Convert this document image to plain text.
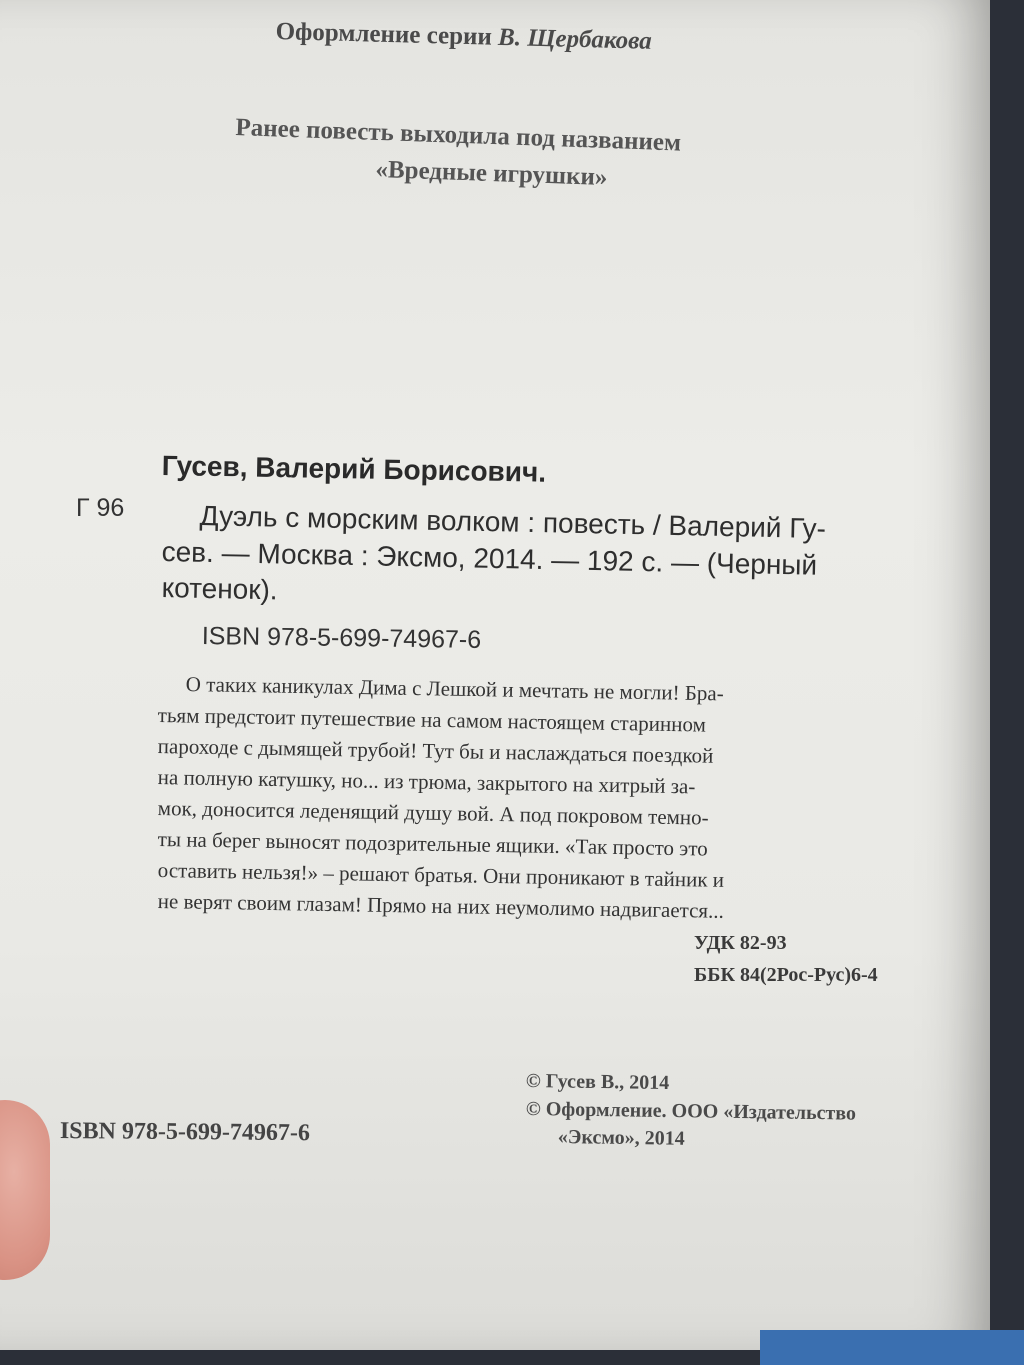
Оформление серии В. Щербакова

Ранее повесть выходила под названием

«Вредные игрушки»

Гусев, Валерий Борисович.

Г 96	Дуэль с морским волком : повесть / Валерий Гу-

сев. — Москва : Эксмо, 2014. — 192 с. — (Черный

котенок).

ISBN 978-5-699-74967-6

О таких каникулах Дима с Лешкой и мечтать не могли! Бра-

тьям предстоит путешествие на самом настоящем старинном

пароходе с дымящей трубой! Тут бы и наслаждаться поездкой

на полную катушку, но... из трюма, закрытого на хитрый за-

мок, доносится леденящий душу вой. А под покровом темно-

ты на берег выносят подозрительные ящики. «Так просто это

оставить нельзя!» – решают братья. Они проникают в тайник и

не верят своим глазам! Прямо на них неумолимо надвигается...

УДК 82-93

ББК 84(2Рос-Рус)6-4

© Гусев В., 2014

© Оформление. ООО «Издательство

«Эксмо», 2014

ISBN 978-5-699-74967-6
